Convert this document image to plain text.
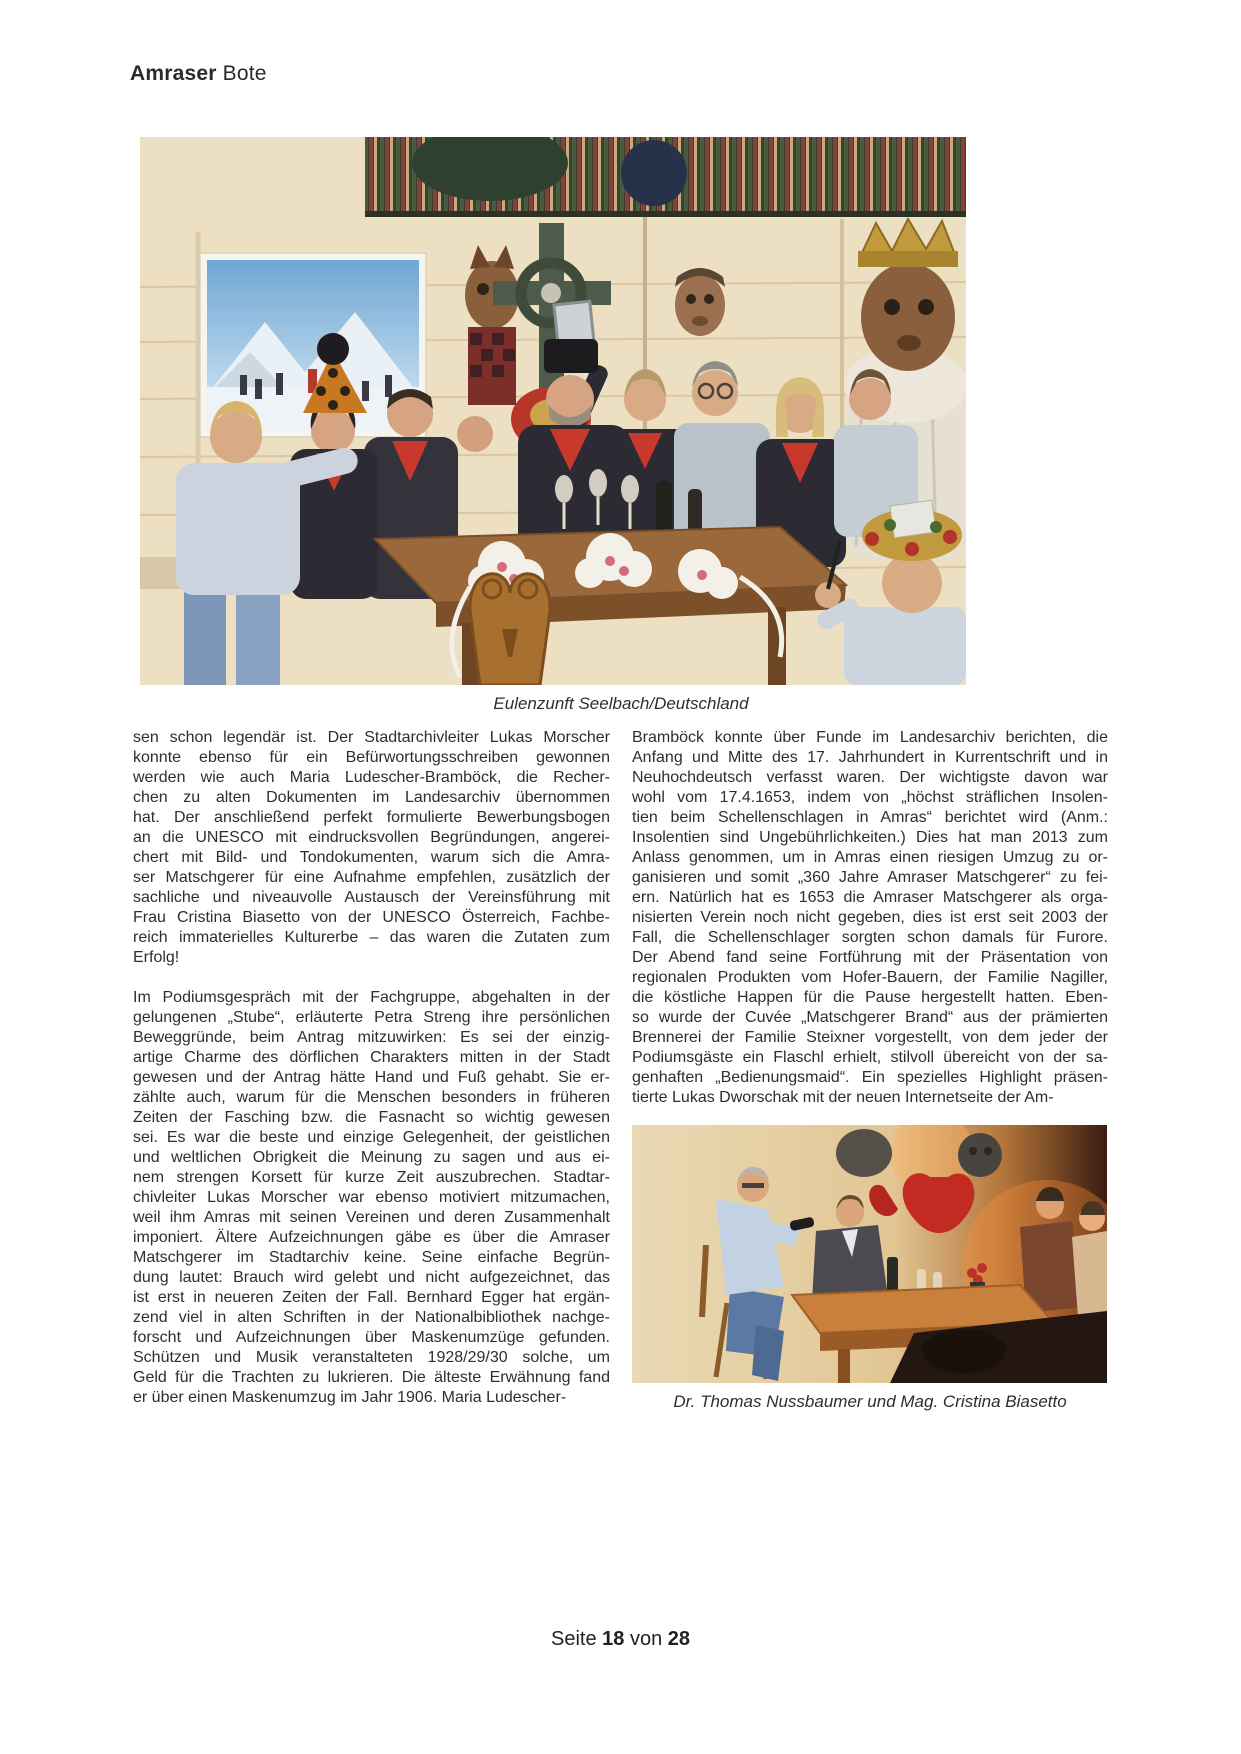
Amraser Bote
Eulenzunft Seelbach/Deutschland
sen schon legendär ist. Der Stadtarchivleiter Lukas Morscher
konnte ebenso für ein Befürwortungsschreiben gewonnen
werden wie auch Maria Ludescher-Bramböck, die Recher-
chen zu alten Dokumenten im Landesarchiv übernommen
hat. Der anschließend perfekt formulierte Bewerbungsbogen
an die UNESCO mit eindrucksvollen Begründungen, angerei-
chert mit Bild- und Tondokumenten, warum sich die Amra-
ser Matschgerer für eine Aufnahme empfehlen, zusätzlich der
sachliche und niveauvolle Austausch der Vereinsführung mit
Frau Cristina Biasetto von der UNESCO Österreich, Fachbe-
reich immaterielles Kulturerbe – das waren die Zutaten zum
Erfolg!
Im Podiumsgespräch mit der Fachgruppe, abgehalten in der
gelungenen „Stube“, erläuterte Petra Streng ihre persönlichen
Beweggründe, beim Antrag mitzuwirken: Es sei der einzig-
artige Charme des dörflichen Charakters mitten in der Stadt
gewesen und der Antrag hätte Hand und Fuß gehabt. Sie er-
zählte auch, warum für die Menschen besonders in früheren
Zeiten der Fasching bzw. die Fasnacht so wichtig gewesen
sei. Es war die beste und einzige Gelegenheit, der geistlichen
und weltlichen Obrigkeit die Meinung zu sagen und aus ei-
nem strengen Korsett für kurze Zeit auszubrechen. Stadtar-
chivleiter Lukas Morscher war ebenso motiviert mitzumachen,
weil ihm Amras mit seinen Vereinen und deren Zusammenhalt
imponiert. Ältere Aufzeichnungen gäbe es über die Amraser
Matschgerer im Stadtarchiv keine. Seine einfache Begrün-
dung lautet: Brauch wird gelebt und nicht aufgezeichnet, das
ist erst in neueren Zeiten der Fall. Bernhard Egger hat ergän-
zend viel in alten Schriften in der Nationalbibliothek nachge-
forscht und Aufzeichnungen über Maskenumzüge gefunden.
Schützen und Musik veranstalteten 1928/29/30 solche, um
Geld für die Trachten zu lukrieren. Die älteste Erwähnung fand
er über einen Maskenumzug im Jahr 1906. Maria Ludescher-
Bramböck konnte über Funde im Landesarchiv berichten, die
Anfang und Mitte des 17. Jahrhundert in Kurrentschrift und in
Neuhochdeutsch verfasst waren. Der wichtigste davon war
wohl vom 17.4.1653, indem von „höchst sträflichen Insolen-
tien beim Schellenschlagen in Amras“ berichtet wird (Anm.:
Insolentien sind Ungebührlichkeiten.) Dies hat man 2013 zum
Anlass genommen, um in Amras einen riesigen Umzug zu or-
ganisieren und somit „360 Jahre Amraser Matschgerer“ zu fei-
ern. Natürlich hat es 1653 die Amraser Matschgerer als orga-
nisierten Verein noch nicht gegeben, dies ist erst seit 2003 der
Fall, die Schellenschlager sorgten schon damals für Furore.
Der Abend fand seine Fortführung mit der Präsentation von
regionalen Produkten vom Hofer-Bauern, der Familie Nagiller,
die köstliche Happen für die Pause hergestellt hatten. Eben-
so wurde der Cuvée „Matschgerer Brand“ aus der prämierten
Brennerei der Familie Steixner vorgestellt, von dem jeder der
Podiumsgäste ein Flaschl erhielt, stilvoll übereicht von der sa-
genhaften „Bedienungsmaid“. Ein spezielles Highlight präsen-
tierte Lukas Dworschak mit der neuen Internetseite der Am-
Dr. Thomas Nussbaumer und Mag. Cristina Biasetto
Seite 18 von 28
